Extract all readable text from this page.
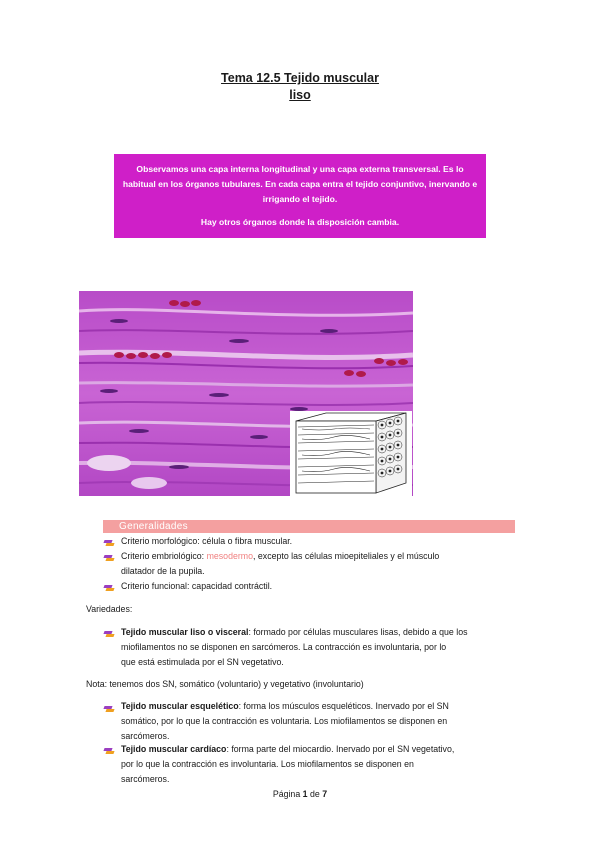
Tema 12.5 Tejido muscular
liso

Observamos una capa interna longitudinal y una capa externa transversal. Es lo habitual en los órganos tubulares. En cada capa entra el tejido conjuntivo, inervando e irrigando el tejido.

Hay otros órganos donde la disposición cambia.

Generalidades
Criterio morfológico: célula o fibra muscular.
Criterio embriológico: mesodermo, excepto las células mioepiteliales y el músculo
dilatador de la pupila.
Criterio funcional: capacidad contráctil.
Variedades:
Tejido muscular liso o visceral: formado por células musculares lisas, debido a que los
miofilamentos no se disponen en sarcómeros. La contracción es involuntaria, por lo
que está estimulada por el SN vegetativo.
Nota: tenemos dos SN, somático (voluntario) y vegetativo (involuntario)
Tejido muscular esquelético: forma los músculos esqueléticos. Inervado por el SN
somático, por lo que la contracción es voluntaria. Los miofilamentos se disponen en
sarcómeros.
Tejido muscular cardíaco: forma parte del miocardio. Inervado por el SN vegetativo,
por lo que la contracción es involuntaria. Los miofilamentos se disponen en
sarcómeros.
Página 1 de 7
